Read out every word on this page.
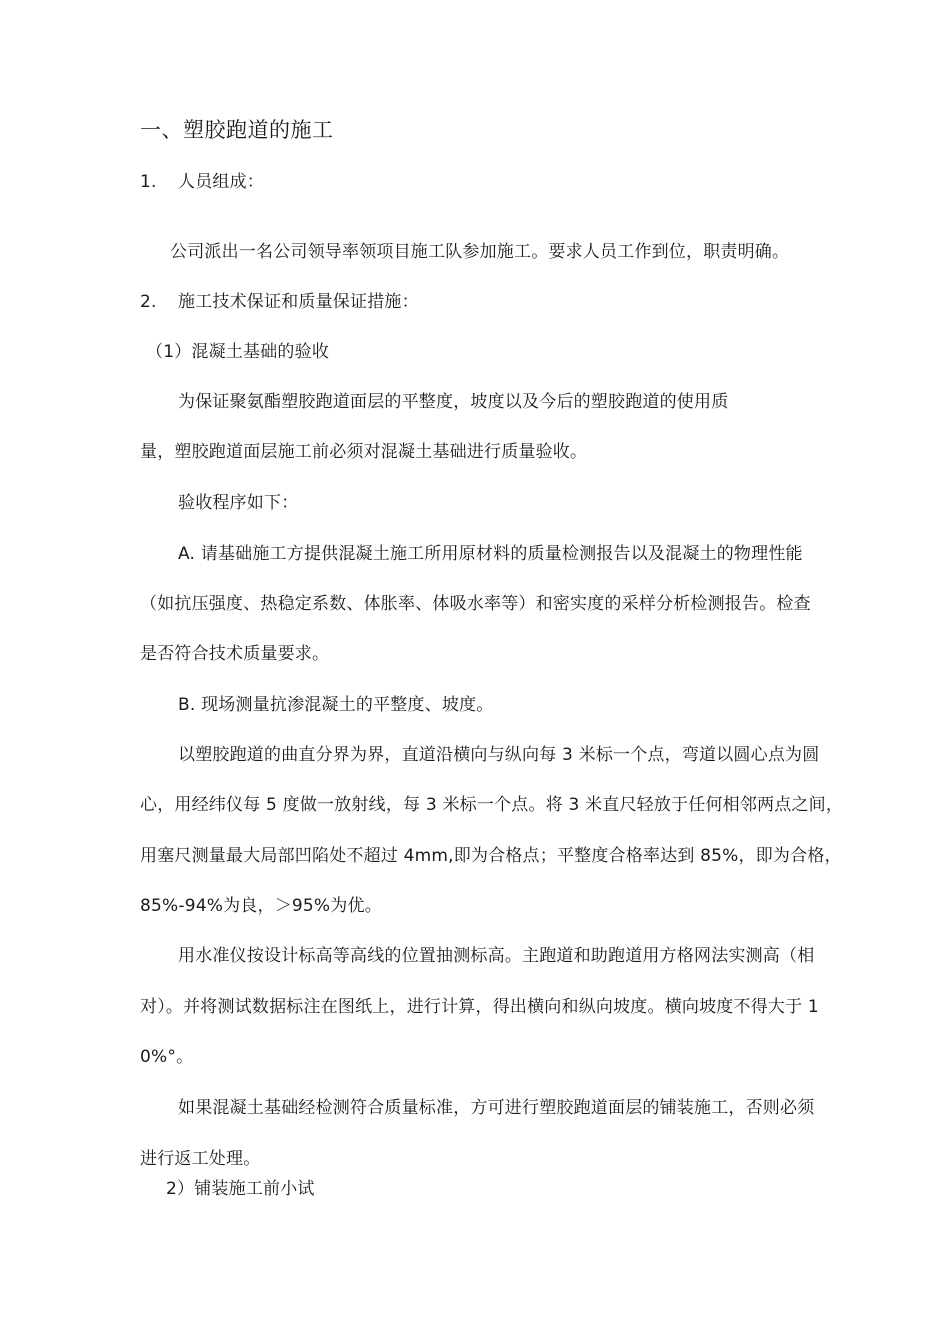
一、塑胶跑道的施工
1. 人员组成：
公司派出一名公司领导率领项目施工队参加施工。要求人员工作到位，职责明确。
2. 施工技术保证和质量保证措施：
（1）混凝土基础的验收
为保证聚氨酯塑胶跑道面层的平整度，坡度以及今后的塑胶跑道的使用质
量，塑胶跑道面层施工前必须对混凝土基础进行质量验收。
验收程序如下：
A. 请基础施工方提供混凝土施工所用原材料的质量检测报告以及混凝土的物理性能
（如抗压强度、热稳定系数、体胀率、体吸水率等）和密实度的采样分析检测报告。检查
是否符合技术质量要求。
B. 现场测量抗渗混凝土的平整度、坡度。
以塑胶跑道的曲直分界为界，直道沿横向与纵向每 3 米标一个点，弯道以圆心点为圆
心，用经纬仪每 5 度做一放射线，每 3 米标一个点。将 3 米直尺轻放于任何相邻两点之间，
用塞尺测量最大局部凹陷处不超过 4mm,即为合格点；平整度合格率达到 85%，即为合格，
85%-94%为良，＞95%为优。
用水准仪按设计标高等高线的位置抽测标高。主跑道和助跑道用方格网法实测高（相
对）。并将测试数据标注在图纸上，进行计算，得出横向和纵向坡度。横向坡度不得大于 1
0%°。
如果混凝土基础经检测符合质量标准，方可进行塑胶跑道面层的铺装施工，否则必须
进行返工处理。
2）铺装施工前小试
